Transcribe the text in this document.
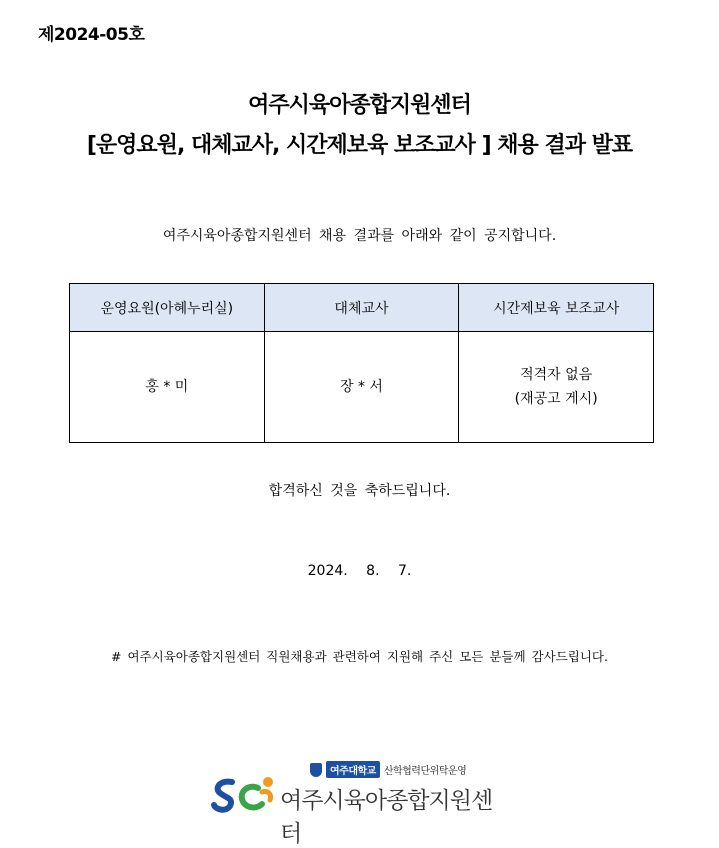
제2024-05호
여주시육아종합지원센터
[운영요원, 대체교사, 시간제보육 보조교사 ] 채용 결과 발표
여주시육아종합지원센터 채용 결과를 아래와 같이 공지합니다.
운영요원(아혜누리실)	대체교사	시간제보육 보조교사
홍 * 미	장 * 서	적격자 없음
(재공고 게시)
합격하신 것을 축하드립니다.
2024. 8. 7.
# 여주시육아종합지원센터 직원채용과 관련하여 지원해 주신 모든 분들께 감사드립니다.
여주대학교 산학협력단위탁운영
여주시육아종합지원센터
